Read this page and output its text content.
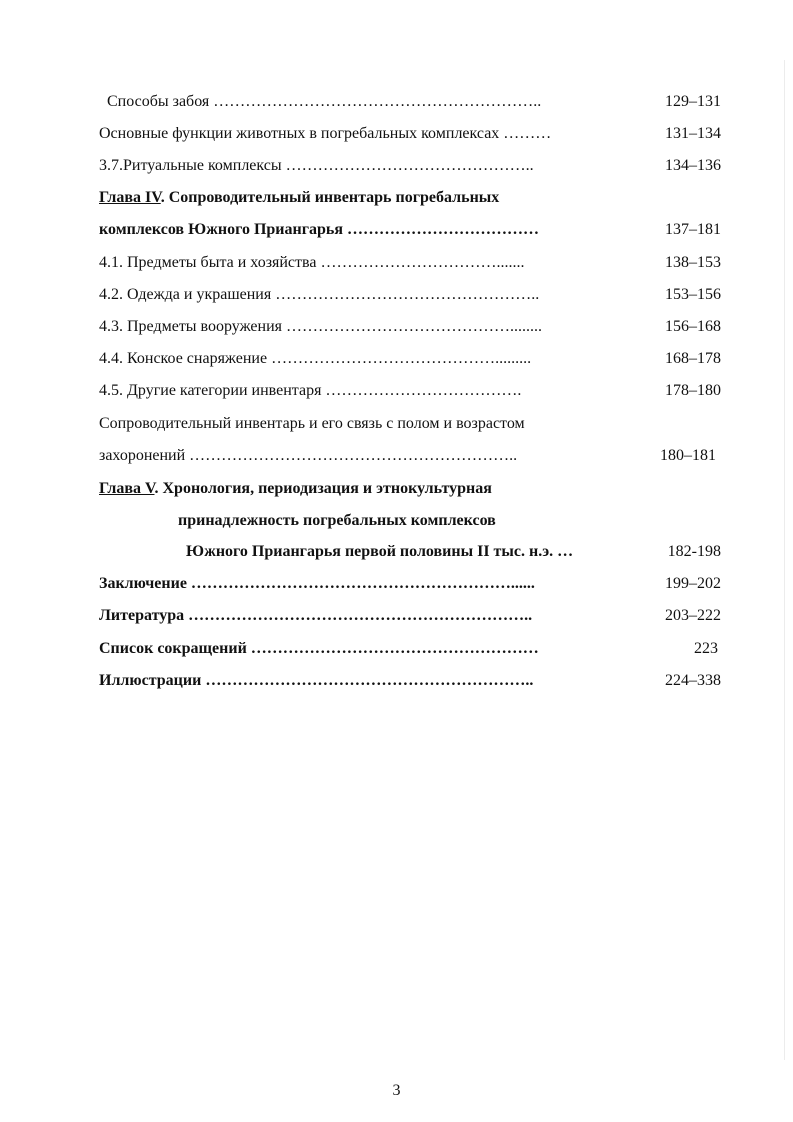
Способы забоя ……………………………………………………..	129–131
Основные функции животных в погребальных комплексах ………	131–134
3.7.Ритуальные комплексы ………………………………………..	134–136
Глава IV. Сопроводительный инвентарь погребальных
комплексов Южного Приангарья ………………………………	137–181
4.1. Предметы быта и хозяйства …………………………….......	138–153
4.2. Одежда и украшения …………………………………………..	153–156
4.3. Предметы вооружения ……………………………………........	156–168
4.4. Конское снаряжение …………………………………….........	168–178
4.5. Другие категории инвентаря ……………………………….	178–180
Сопроводительный инвентарь и его связь с полом и возрастом
захоронений ……………………………………………………..	180–181
Глава V. Хронология, периодизация и этнокультурная
принадлежность погребальных комплексов
Южного Приангарья первой половины II тыс. н.э. …	182-198
Заключение ……………………………………………………......	199–202
Литература ………………………………………………………..	203–222
Список сокращений ………………………………………………	223
Иллюстрации ……………………………………………………..	224–338
3
